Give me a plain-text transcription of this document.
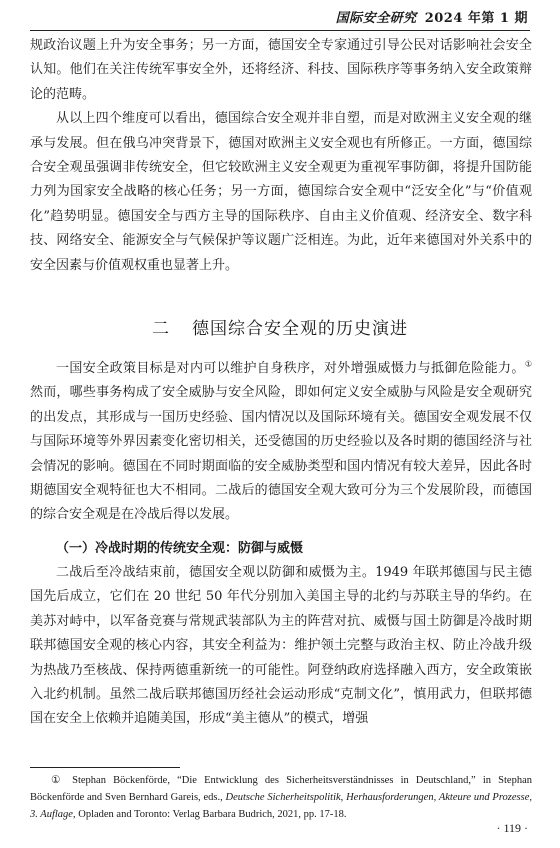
国际安全研究 2024 年第 1 期

规政治议题上升为安全事务；另一方面，德国安全专家通过引导公民对话影响社会安全认知。他们在关注传统军事安全外，还将经济、科技、国际秩序等事务纳入安全政策辩论的范畴。

从以上四个维度可以看出，德国综合安全观并非自塑，而是对欧洲主义安全观的继承与发展。但在俄乌冲突背景下，德国对欧洲主义安全观也有所修正。一方面，德国综合安全观虽强调非传统安全，但它较欧洲主义安全观更为重视军事防御，将提升国防能力列为国家安全战略的核心任务；另一方面，德国综合安全观中“泛安全化”与“价值观化”趋势明显。德国安全与西方主导的国际秩序、自由主义价值观、经济安全、数字科技、网络安全、能源安全与气候保护等议题广泛相连。为此，近年来德国对外关系中的安全因素与价值观权重也显著上升。

二 德国综合安全观的历史演进

一国安全政策目标是对内可以维护自身秩序，对外增强威慑力与抵御危险能力。① 然而，哪些事务构成了安全威胁与安全风险，即如何定义安全威胁与风险是安全观研究的出发点，其形成与一国历史经验、国内情况以及国际环境有关。德国安全观发展不仅与国际环境等外界因素变化密切相关，还受德国的历史经验以及各时期的德国经济与社会情况的影响。德国在不同时期面临的安全威胁类型和国内情况有较大差异，因此各时期德国安全观特征也大不相同。二战后的德国安全观大致可分为三个发展阶段，而德国的综合安全观是在冷战后得以发展。

（一）冷战时期的传统安全观：防御与威慑

二战后至冷战结束前，德国安全观以防御和威慑为主。1949 年联邦德国与民主德国先后成立，它们在 20 世纪 50 年代分别加入美国主导的北约与苏联主导的华约。在美苏对峙中，以军备竞赛与常规武装部队为主的阵营对抗、威慑与国土防御是冷战时期联邦德国安全观的核心内容，其安全利益为：维护领土完整与政治主权、防止冷战升级为热战乃至核战、保持两德重新统一的可能性。阿登纳政府选择融入西方，安全政策嵌入北约机制。虽然二战后联邦德国历经社会运动形成“克制文化”，慎用武力，但联邦德国在安全上依赖并追随美国，形成“美主德从”的模式，增强

① Stephan Böckenförde, “Die Entwicklung des Sicherheitsverständnisses in Deutschland,” in Stephan Böckenförde and Sven Bernhard Gareis, eds., Deutsche Sicherheitspolitik, Herhausforderungen, Akteure und Prozesse, 3. Auflage, Opladen and Toronto: Verlag Barbara Budrich, 2021, pp. 17-18.

· 119 ·
